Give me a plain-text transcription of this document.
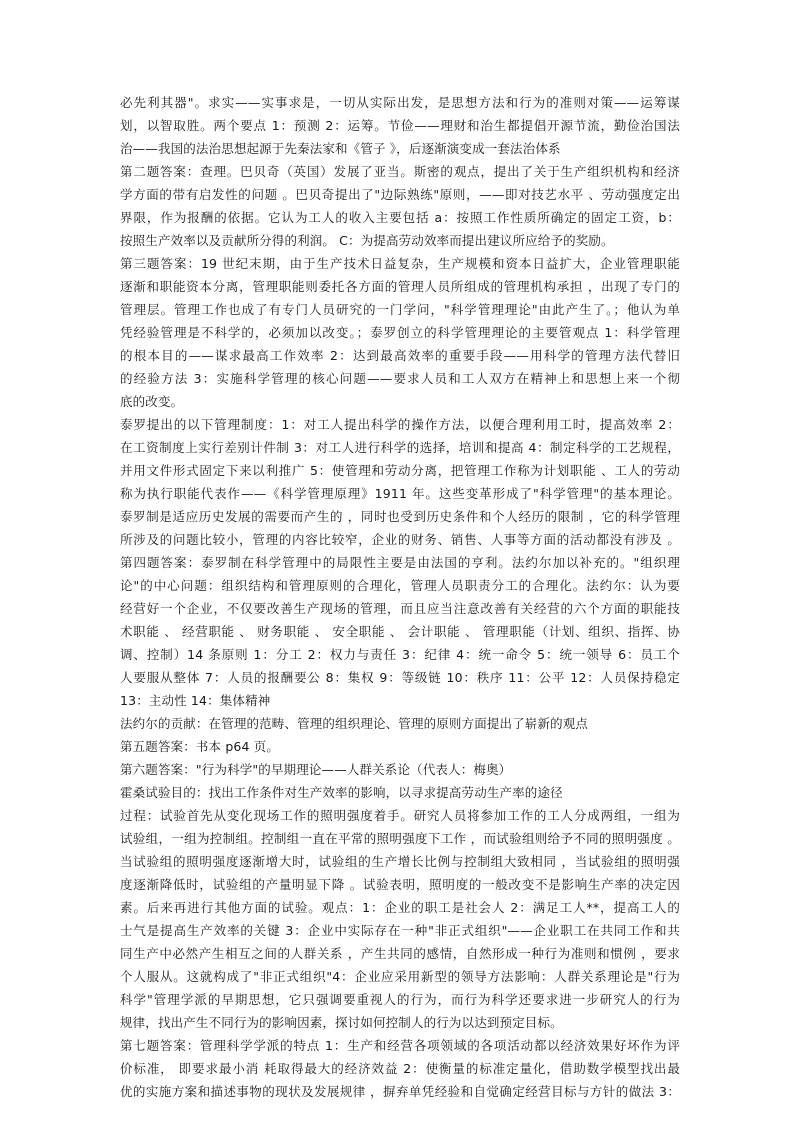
必先利其器"。求实——实事求是，一切从实际出发，是思想方法和行为的准则对策——运筹谋
划，以智取胜。两个要点 1：预测 2：运筹。节俭——理财和治生都提倡开源节流，勤俭治国法
治——我国的法治思想起源于先秦法家和《管子 》，后逐渐演变成一套法治体系
第二题答案：查理。巴贝奇（英国）发展了亚当。斯密的观点，提出了关于生产组织机构和经济
学方面的带有启发性的问题 。巴贝奇提出了"边际熟练"原则，——即对技艺水平 、劳动强度定出
界限，作为报酬的依据。它认为工人的收入主要包括 a：按照工作性质所确定的固定工资，b：
按照生产效率以及贡献所分得的利润。 C：为提高劳动效率而提出建议所应给予的奖励。
第三题答案：19 世纪末期，由于生产技术日益复杂，生产规模和资本日益扩大，企业管理职能
逐渐和职能资本分离，管理职能则委托各方面的管理人员所组成的管理机构承担 ，出现了专门的
管理层。管理工作也成了有专门人员研究的一门学问，"科学管理理论"由此产生了。；他认为单
凭经验管理是不科学的，必须加以改变。；泰罗创立的科学管理理论的主要管观点 1：科学管理
的根本目的——谋求最高工作效率 2：达到最高效率的重要手段——用科学的管理方法代替旧
的经验方法 3：实施科学管理的核心问题——要求人员和工人双方在精神上和思想上来一个彻
底的改变。
泰罗提出的以下管理制度：1：对工人提出科学的操作方法，以便合理利用工时，提高效率 2：
在工资制度上实行差别计件制 3：对工人进行科学的选择，培训和提高 4：制定科学的工艺规程，
并用文件形式固定下来以利推广 5：使管理和劳动分离，把管理工作称为计划职能 、工人的劳动
称为执行职能代表作——《科学管理原理》1911 年。这些变革形成了"科学管理"的基本理论。
泰罗制是适应历史发展的需要而产生的 ，同时也受到历史条件和个人经历的限制 ，它的科学管理
所涉及的问题比较小，管理的内容比较窄，企业的财务、销售、人事等方面的活动都没有涉及 。
第四题答案：泰罗制在科学管理中的局限性主要是由法国的亨利。法约尔加以补充的。"组织理
论"的中心问题：组织结构和管理原则的合理化，管理人员职责分工的合理化。法约尔：认为要
经营好一个企业，不仅要改善生产现场的管理，而且应当注意改善有关经营的六个方面的职能技
术职能 、 经营职能 、 财务职能 、 安全职能 、 会计职能 、 管理职能（计划、组织、指挥、协
调、控制）14 条原则 1：分工 2：权力与责任 3：纪律 4：统一命令 5：统一领导 6：员工个
人要服从整体 7：人员的报酬要公 8：集权 9：等级链 10：秩序 11：公平 12：人员保持稳定
13：主动性 14：集体精神
法约尔的贡献：在管理的范畴、管理的组织理论、管理的原则方面提出了崭新的观点
第五题答案：书本 p64 页。
第六题答案："行为科学"的早期理论——人群关系论（代表人：梅奥）
霍桑试验目的：找出工作条件对生产效率的影响，以寻求提高劳动生产率的途径
过程：试验首先从变化现场工作的照明强度着手。研究人员将参加工作的工人分成两组，一组为
试验组，一组为控制组。控制组一直在平常的照明强度下工作 ，而试验组则给予不同的照明强度 。
当试验组的照明强度逐渐增大时，试验组的生产增长比例与控制组大致相同 ，当试验组的照明强
度逐渐降低时，试验组的产量明显下降 。试验表明，照明度的一般改变不是影响生产率的决定因
素。后来再进行其他方面的试验。观点：1：企业的职工是社会人 2：满足工人**，提高工人的
士气是提高生产效率的关键 3：企业中实际存在一种"非正式组织"——企业职工在共同工作和共
同生产中必然产生相互之间的人群关系 ，产生共同的感情，自然形成一种行为准则和惯例 ，要求
个人服从。这就构成了"非正式组织"4：企业应采用新型的领导方法影响：人群关系理论是"行为
科学"管理学派的早期思想，它只强调要重视人的行为，而行为科学还要求进一步研究人的行为
规律，找出产生不同行为的影响因素，探讨如何控制人的行为以达到预定目标。
第七题答案：管理科学学派的特点 1：生产和经营各项领域的各项活动都以经济效果好坏作为评
价标准， 即要求最小消 耗取得最大的经济效益 2：使衡量的标准定量化，借助数学模型找出最
优的实施方案和描述事物的现状及发展规律 ，摒弃单凭经验和自觉确定经营目标与方针的做法 3：
